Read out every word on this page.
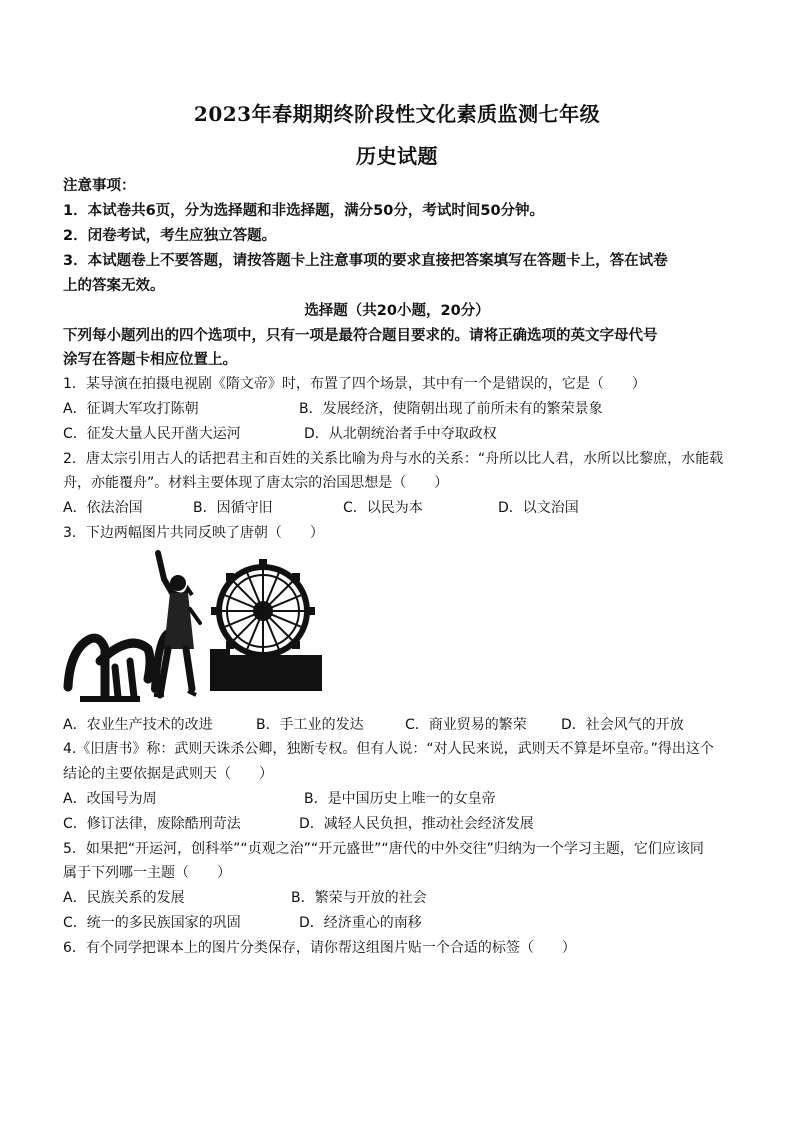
2023年春期期终阶段性文化素质监测七年级
历史试题
注意事项：
1．本试卷共6页，分为选择题和非选择题，满分50分，考试时间50分钟。
2．闭卷考试，考生应独立答题。
3．本试题卷上不要答题，请按答题卡上注意事项的要求直接把答案填写在答题卡上，答在试卷
上的答案无效。
选择题（共20小题，20分）
下列每小题列出的四个选项中，只有一项是最符合题目要求的。请将正确选项的英文字母代号
涂写在答题卡相应位置上。
1．某导演在拍摄电视剧《隋文帝》时，布置了四个场景，其中有一个是错误的，它是（　　）
A．征调大军攻打陈朝	B．发展经济，使隋朝出现了前所未有的繁荣景象
C．征发大量人民开凿大运河	D．从北朝统治者手中夺取政权
2．唐太宗引用古人的话把君主和百姓的关系比喻为舟与水的关系：“舟所以比人君，水所以比黎庶，水能载
舟，亦能覆舟”。材料主要体现了唐太宗的治国思想是（　　）
A．依法治国	B．因循守旧	C．以民为本	D．以文治国
3．下边两幅图片共同反映了唐朝（　　）
A．农业生产技术的改进	B．手工业的发达	C．商业贸易的繁荣 D．社会风气的开放
4.《旧唐书》称：武则天诛杀公卿，独断专权。但有人说：“对人民来说，武则天不算是坏皇帝。”得出这个
结论的主要依据是武则天（　　）
A．改国号为周	B．是中国历史上唯一的女皇帝
C．修订法律，废除酷刑苛法	D．减轻人民负担，推动社会经济发展
5．如果把“开运河，创科举”“贞观之治”“开元盛世”“唐代的中外交往”归纳为一个学习主题，它们应该同
属于下列哪一主题（　　）
A．民族关系的发展	B．繁荣与开放的社会
C．统一的多民族国家的巩固	D．经济重心的南移
6．有个同学把课本上的图片分类保存，请你帮这组图片贴一个合适的标签（　　）
